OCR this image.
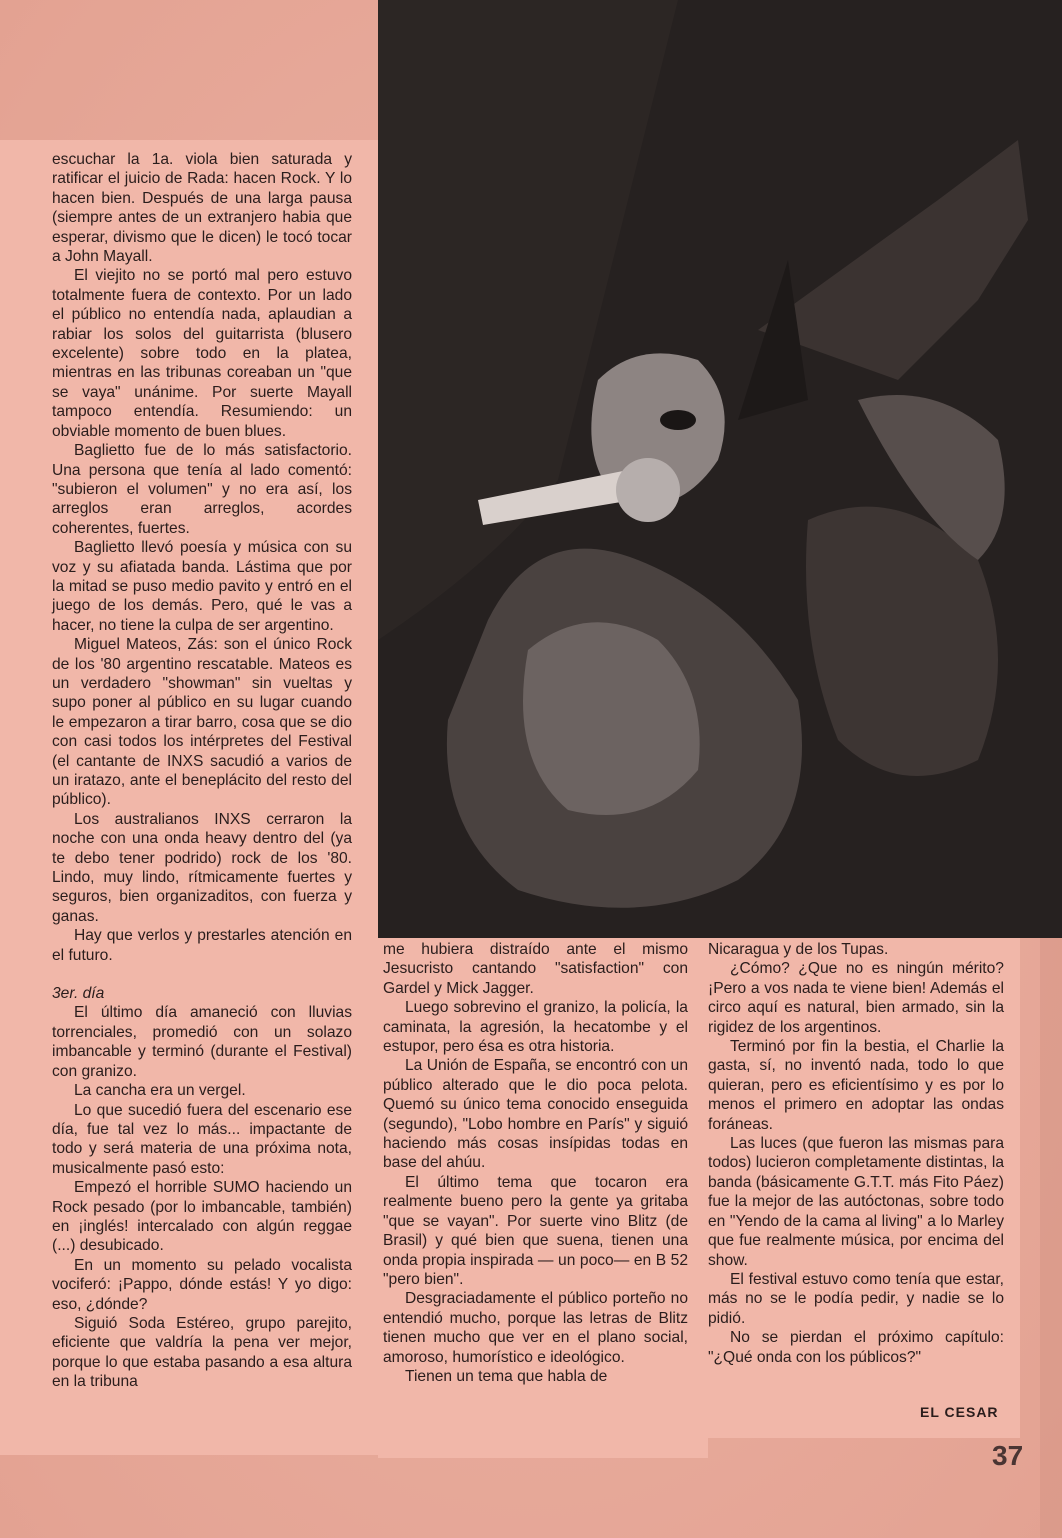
escuchar la 1a. viola bien saturada y ratificar el juicio de Rada: hacen Rock. Y lo hacen bien. Después de una larga pausa (siempre antes de un extranjero habia que esperar, divismo que le dicen) le tocó tocar a John Mayall.

El viejito no se portó mal pero estuvo totalmente fuera de contexto. Por un lado el público no entendía nada, aplaudian a rabiar los solos del guitarrista (blusero excelente) sobre todo en la platea, mientras en las tribunas coreaban un "que se vaya" unánime. Por suerte Mayall tampoco entendía. Resumiendo: un obviable momento de buen blues.

Baglietto fue de lo más satisfactorio. Una persona que tenía al lado comentó: "subieron el volumen" y no era así, los arreglos eran arreglos, acordes coherentes, fuertes.

Baglietto llevó poesía y música con su voz y su afiatada banda. Lástima que por la mitad se puso medio pavito y entró en el juego de los demás. Pero, qué le vas a hacer, no tiene la culpa de ser argentino.

Miguel Mateos, Zás: son el único Rock de los '80 argentino rescatable. Mateos es un verdadero "showman" sin vueltas y supo poner al público en su lugar cuando le empezaron a tirar barro, cosa que se dio con casi todos los intérpretes del Festival (el cantante de INXS sacudió a varios de un iratazo, ante el beneplácito del resto del público).

Los australianos INXS cerraron la noche con una onda heavy dentro del (ya te debo tener podrido) rock de los '80. Lindo, muy lindo, rítmicamente fuertes y seguros, bien organizaditos, con fuerza y ganas.

Hay que verlos y prestarles atención en el futuro.

3er. día

El último día amaneció con lluvias torrenciales, promedió con un solazo imbancable y terminó (durante el Festival) con granizo.

La cancha era un vergel.

Lo que sucedió fuera del escenario ese día, fue tal vez lo más... impactante de todo y será materia de una próxima nota, musicalmente pasó esto:

Empezó el horrible SUMO haciendo un Rock pesado (por lo imbancable, también) en ¡inglés! intercalado con algún reggae (...) desubicado.

En un momento su pelado vocalista vociferó: ¡Pappo, dónde estás! Y yo digo: eso, ¿dónde?

Siguió Soda Estéreo, grupo parejito, eficiente que valdría la pena ver mejor, porque lo que estaba pasando a esa altura en la tribuna

me hubiera distraído ante el mismo Jesucristo cantando "satisfaction" con Gardel y Mick Jagger.

Luego sobrevino el granizo, la policía, la caminata, la agresión, la hecatombe y el estupor, pero ésa es otra historia.

La Unión de España, se encontró con un público alterado que le dio poca pelota. Quemó su único tema conocido enseguida (segundo), "Lobo hombre en París" y siguió haciendo más cosas insípidas todas en base del ahúu.

El último tema que tocaron era realmente bueno pero la gente ya gritaba "que se vayan". Por suerte vino Blitz (de Brasil) y qué bien que suena, tienen una onda propia inspirada — un poco— en B 52 "pero bien".

Desgraciadamente el público porteño no entendió mucho, porque las letras de Blitz tienen mucho que ver en el plano social, amoroso, humorístico e ideológico.

Tienen un tema que habla de

Nicaragua y de los Tupas.

¿Cómo? ¿Que no es ningún mérito? ¡Pero a vos nada te viene bien! Además el circo aquí es natural, bien armado, sin la rigidez de los argentinos.

Terminó por fin la bestia, el Charlie la gasta, sí, no inventó nada, todo lo que quieran, pero es eficientísimo y es por lo menos el primero en adoptar las ondas foráneas.

Las luces (que fueron las mismas para todos) lucieron completamente distintas, la banda (básicamente G.T.T. más Fito Páez) fue la mejor de las autóctonas, sobre todo en "Yendo de la cama al living" a lo Marley que fue realmente música, por encima del show.

El festival estuvo como tenía que estar, más no se le podía pedir, y nadie se lo pidió.

No se pierdan el próximo capítulo: "¿Qué onda con los públicos?"

EL CESAR
37
